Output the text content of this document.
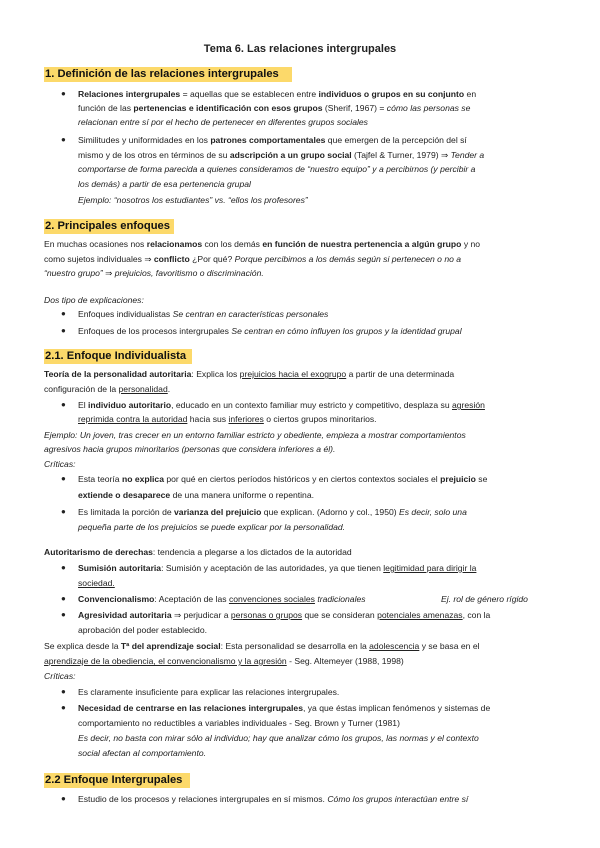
Tema 6. Las relaciones intergrupales
1. Definición de las relaciones intergrupales
● Relaciones intergrupales = aquellas que se establecen entre individuos o grupos en su conjunto en
función de las pertenencias e identificación con esos grupos (Sherif, 1967) = cómo las personas se
relacionan entre sí por el hecho de pertenecer en diferentes grupos sociales
● Similitudes y uniformidades en los patrones comportamentales que emergen de la percepción del sí
mismo y de los otros en términos de su adscripción a un grupo social (Tajfel & Turner, 1979) ⇒ Tender a
comportarse de forma parecida a quienes consideramos de “nuestro equipo” y a percibirnos (y percibir a
los demás) a partir de esa pertenencia grupal
Ejemplo: “nosotros los estudiantes” vs. “ellos los profesores”
2. Principales enfoques
En muchas ocasiones nos relacionamos con los demás en función de nuestra pertenencia a algún grupo y no
como sujetos individuales ⇒ conflicto ¿Por qué? Porque percibimos a los demás según si pertenecen o no a
“nuestro grupo” ⇒ prejuicios, favoritismo o discriminación.
Dos tipo de explicaciones:
● Enfoques individualistas Se centran en características personales
● Enfoques de los procesos intergrupales Se centran en cómo influyen los grupos y la identidad grupal
2.1. Enfoque Individualista
Teoría de la personalidad autoritaria: Explica los prejuicios hacia el exogrupo a partir de una determinada
configuración de la personalidad.
● El individuo autoritario, educado en un contexto familiar muy estricto y competitivo, desplaza su agresión
reprimida contra la autoridad hacia sus inferiores o ciertos grupos minoritarios.
Ejemplo: Un joven, tras crecer en un entorno familiar estricto y obediente, empieza a mostrar comportamientos
agresivos hacia grupos minoritarios (personas que considera inferiores a él).
Críticas:
● Esta teoría no explica por qué en ciertos períodos históricos y en ciertos contextos sociales el prejuicio se
extiende o desaparece de una manera uniforme o repentina.
● Es limitada la porción de varianza del prejuicio que explican. (Adorno y col., 1950) Es decir, solo una
pequeña parte de los prejuicios se puede explicar por la personalidad.
Autoritarismo de derechas: tendencia a plegarse a los dictados de la autoridad
● Sumisión autoritaria: Sumisión y aceptación de las autoridades, ya que tienen legitimidad para dirigir la
sociedad.
● Convencionalismo: Aceptación de las convenciones sociales tradicionales	Ej. rol de género rígido
● Agresividad autoritaria ⇒ perjudicar a personas o grupos que se consideran potenciales amenazas, con la
aprobación del poder establecido.
Se explica desde la Tª del aprendizaje social: Esta personalidad se desarrolla en la adolescencia y se basa en el
aprendizaje de la obediencia, el convencionalismo y la agresión - Seg. Altemeyer (1988, 1998)
Críticas:
● Es claramente insuficiente para explicar las relaciones intergrupales.
● Necesidad de centrarse en las relaciones intergrupales, ya que éstas implican fenómenos y sistemas de
comportamiento no reductibles a variables individuales - Seg. Brown y Turner (1981)
Es decir, no basta con mirar sólo al individuo; hay que analizar cómo los grupos, las normas y el contexto
social afectan al comportamiento.
2.2 Enfoque Intergrupales
● Estudio de los procesos y relaciones intergrupales en sí mismos. Cómo los grupos interactúan entre sí
